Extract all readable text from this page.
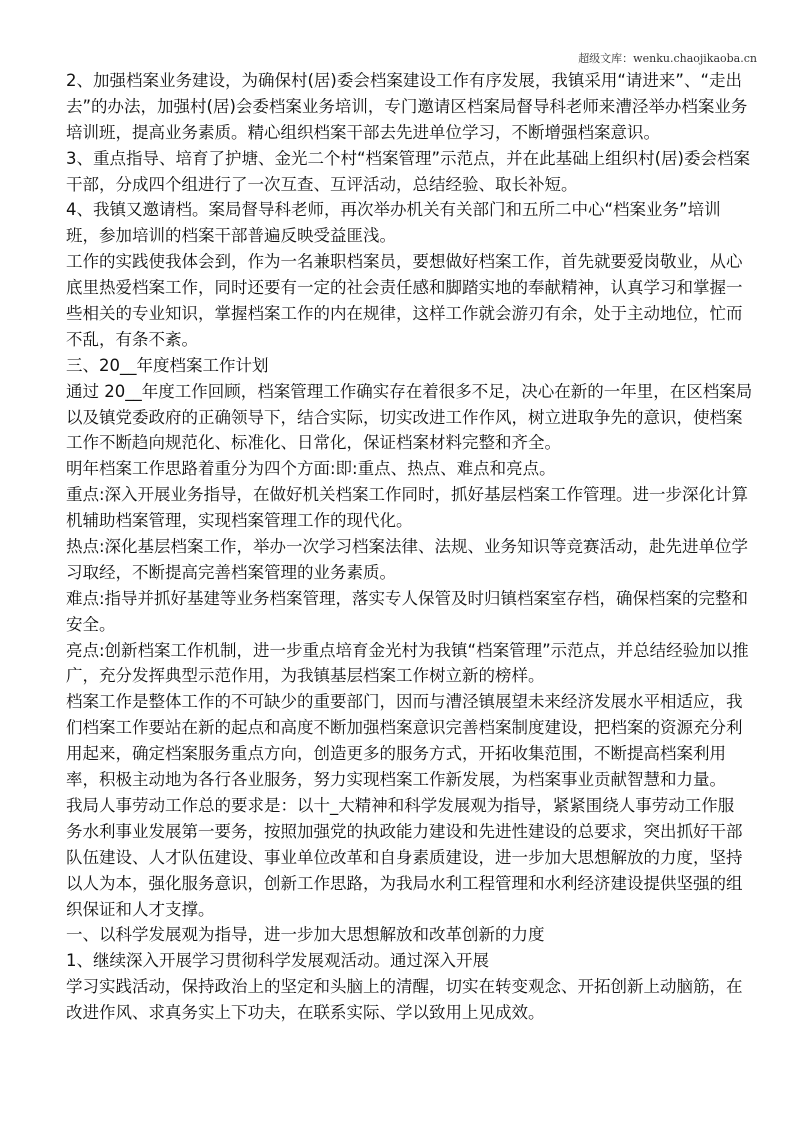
超级文库：wenku.chaojikaoba.cn
2、加强档案业务建设，为确保村(居)委会档案建设工作有序发展，我镇采用“请进来”、“走出
去”的办法，加强村(居)会委档案业务培训，专门邀请区档案局督导科老师来漕泾举办档案业务
培训班，提高业务素质。精心组织档案干部去先进单位学习，不断增强档案意识。
3、重点指导、培育了护塘、金光二个村“档案管理”示范点，并在此基础上组织村(居)委会档案
干部，分成四个组进行了一次互查、互评活动，总结经验、取长补短。
4、我镇又邀请档。案局督导科老师，再次举办机关有关部门和五所二中心“档案业务”培训
班，参加培训的档案干部普遍反映受益匪浅。
工作的实践使我体会到，作为一名兼职档案员，要想做好档案工作，首先就要爱岗敬业，从心
底里热爱档案工作，同时还要有一定的社会责任感和脚踏实地的奉献精神，认真学习和掌握一
些相关的专业知识，掌握档案工作的内在规律，这样工作就会游刃有余，处于主动地位，忙而
不乱，有条不紊。
三、20__年度档案工作计划
通过 20__年度工作回顾，档案管理工作确实存在着很多不足，决心在新的一年里，在区档案局
以及镇党委政府的正确领导下，结合实际，切实改进工作作风，树立进取争先的意识，使档案
工作不断趋向规范化、标准化、日常化，保证档案材料完整和齐全。
明年档案工作思路着重分为四个方面:即:重点、热点、难点和亮点。
重点:深入开展业务指导，在做好机关档案工作同时，抓好基层档案工作管理。进一步深化计算
机辅助档案管理，实现档案管理工作的现代化。
热点:深化基层档案工作，举办一次学习档案法律、法规、业务知识等竞赛活动，赴先进单位学
习取经，不断提高完善档案管理的业务素质。
难点:指导并抓好基建等业务档案管理，落实专人保管及时归镇档案室存档，确保档案的完整和
安全。
亮点:创新档案工作机制，进一步重点培育金光村为我镇“档案管理”示范点，并总结经验加以推
广，充分发挥典型示范作用，为我镇基层档案工作树立新的榜样。
档案工作是整体工作的不可缺少的重要部门，因而与漕泾镇展望未来经济发展水平相适应，我
们档案工作要站在新的起点和高度不断加强档案意识完善档案制度建设，把档案的资源充分利
用起来，确定档案服务重点方向，创造更多的服务方式，开拓收集范围，不断提高档案利用
率，积极主动地为各行各业服务，努力实现档案工作新发展，为档案事业贡献智慧和力量。
我局人事劳动工作总的要求是：以十_大精神和科学发展观为指导，紧紧围绕人事劳动工作服
务水利事业发展第一要务，按照加强党的执政能力建设和先进性建设的总要求，突出抓好干部
队伍建设、人才队伍建设、事业单位改革和自身素质建设，进一步加大思想解放的力度，坚持
以人为本，强化服务意识，创新工作思路，为我局水利工程管理和水利经济建设提供坚强的组
织保证和人才支撑。
一、以科学发展观为指导，进一步加大思想解放和改革创新的力度
1、继续深入开展学习贯彻科学发展观活动。通过深入开展
学习实践活动，保持政治上的坚定和头脑上的清醒，切实在转变观念、开拓创新上动脑筋，在
改进作风、求真务实上下功夫，在联系实际、学以致用上见成效。
